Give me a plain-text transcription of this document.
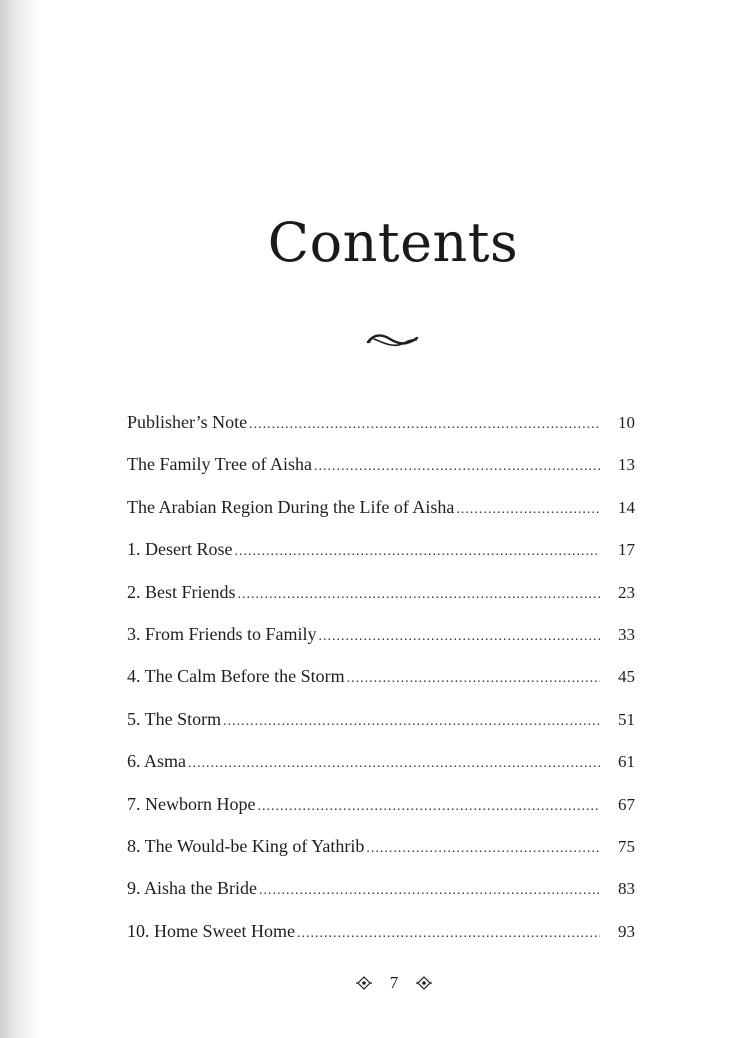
Contents
Publisher’s Note .....	10
The Family Tree of Aisha .....	13
The Arabian Region During the Life of Aisha .....	14
1. Desert Rose .....	17
2. Best Friends .....	23
3. From Friends to Family .....	33
4. The Calm Before the Storm .....	45
5. The Storm .....	51
6. Asma .....	61
7. Newborn Hope .....	67
8. The Would-be King of Yathrib .....	75
9. Aisha the Bride .....	83
10. Home Sweet Home .....	93
7
